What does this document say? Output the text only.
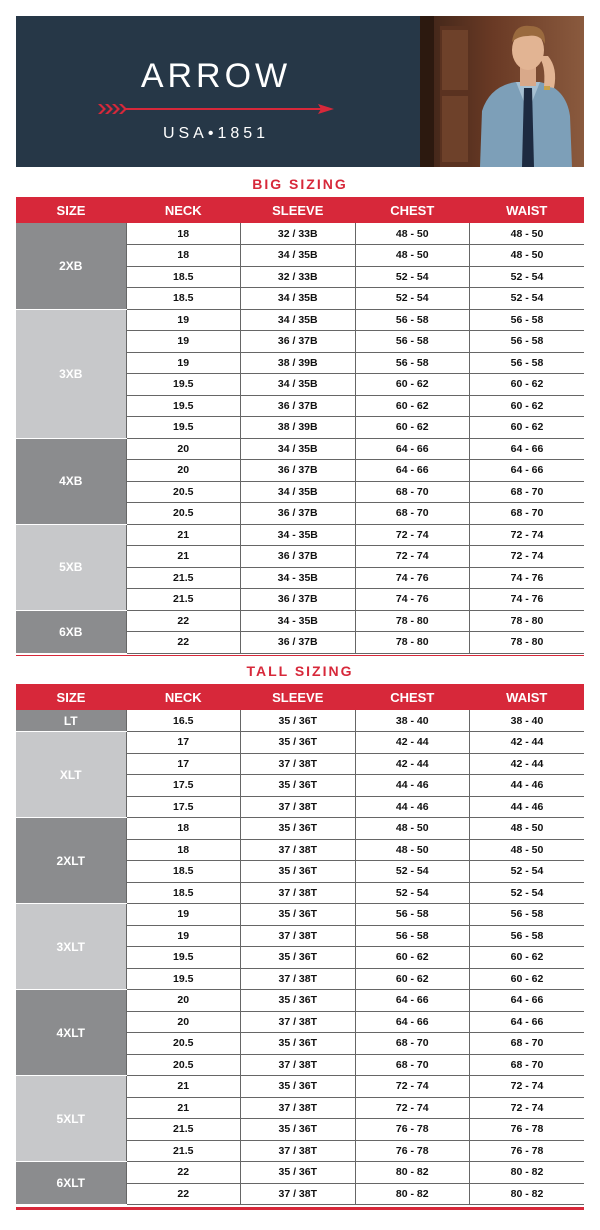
ARROW
USA•1851
BIG SIZING
SIZE	NECK	SLEEVE	CHEST	WAIST
2XB	18	32 / 33B	48 - 50	48 - 50
	18	34 / 35B	48 - 50	48 - 50
	18.5	32 / 33B	52 - 54	52 - 54
	18.5	34 / 35B	52 - 54	52 - 54
3XB	19	34 / 35B	56 - 58	56 - 58
	19	36 / 37B	56 - 58	56 - 58
	19	38 / 39B	56 - 58	56 - 58
	19.5	34 / 35B	60 - 62	60 - 62
	19.5	36 / 37B	60 - 62	60 - 62
	19.5	38 / 39B	60 - 62	60 - 62
4XB	20	34 / 35B	64 - 66	64 - 66
	20	36 / 37B	64 - 66	64 - 66
	20.5	34 / 35B	68 - 70	68 - 70
	20.5	36 / 37B	68 - 70	68 - 70
5XB	21	34 - 35B	72 - 74	72 - 74
	21	36 / 37B	72 - 74	72 - 74
	21.5	34 - 35B	74 - 76	74 - 76
	21.5	36 / 37B	74 - 76	74 - 76
6XB	22	34 - 35B	78 - 80	78 - 80
	22	36 / 37B	78 - 80	78 - 80
TALL SIZING
SIZE	NECK	SLEEVE	CHEST	WAIST
LT	16.5	35 / 36T	38 - 40	38 - 40
XLT	17	35 / 36T	42 - 44	42 - 44
	17	37 / 38T	42 - 44	42 - 44
	17.5	35 / 36T	44 - 46	44 - 46
	17.5	37 / 38T	44 - 46	44 - 46
2XLT	18	35 / 36T	48 - 50	48 - 50
	18	37 / 38T	48 - 50	48 - 50
	18.5	35 / 36T	52 - 54	52 - 54
	18.5	37 / 38T	52 - 54	52 - 54
3XLT	19	35 / 36T	56 - 58	56 - 58
	19	37 / 38T	56 - 58	56 - 58
	19.5	35 / 36T	60 - 62	60 - 62
	19.5	37 / 38T	60 - 62	60 - 62
4XLT	20	35 / 36T	64 - 66	64 - 66
	20	37 / 38T	64 - 66	64 - 66
	20.5	35 / 36T	68 - 70	68 - 70
	20.5	37 / 38T	68 - 70	68 - 70
5XLT	21	35 / 36T	72 - 74	72 - 74
	21	37 / 38T	72 - 74	72 - 74
	21.5	35 / 36T	76 - 78	76 - 78
	21.5	37 / 38T	76 - 78	76 - 78
6XLT	22	35 / 36T	80 - 82	80 - 82
	22	37 / 38T	80 - 82	80 - 82
